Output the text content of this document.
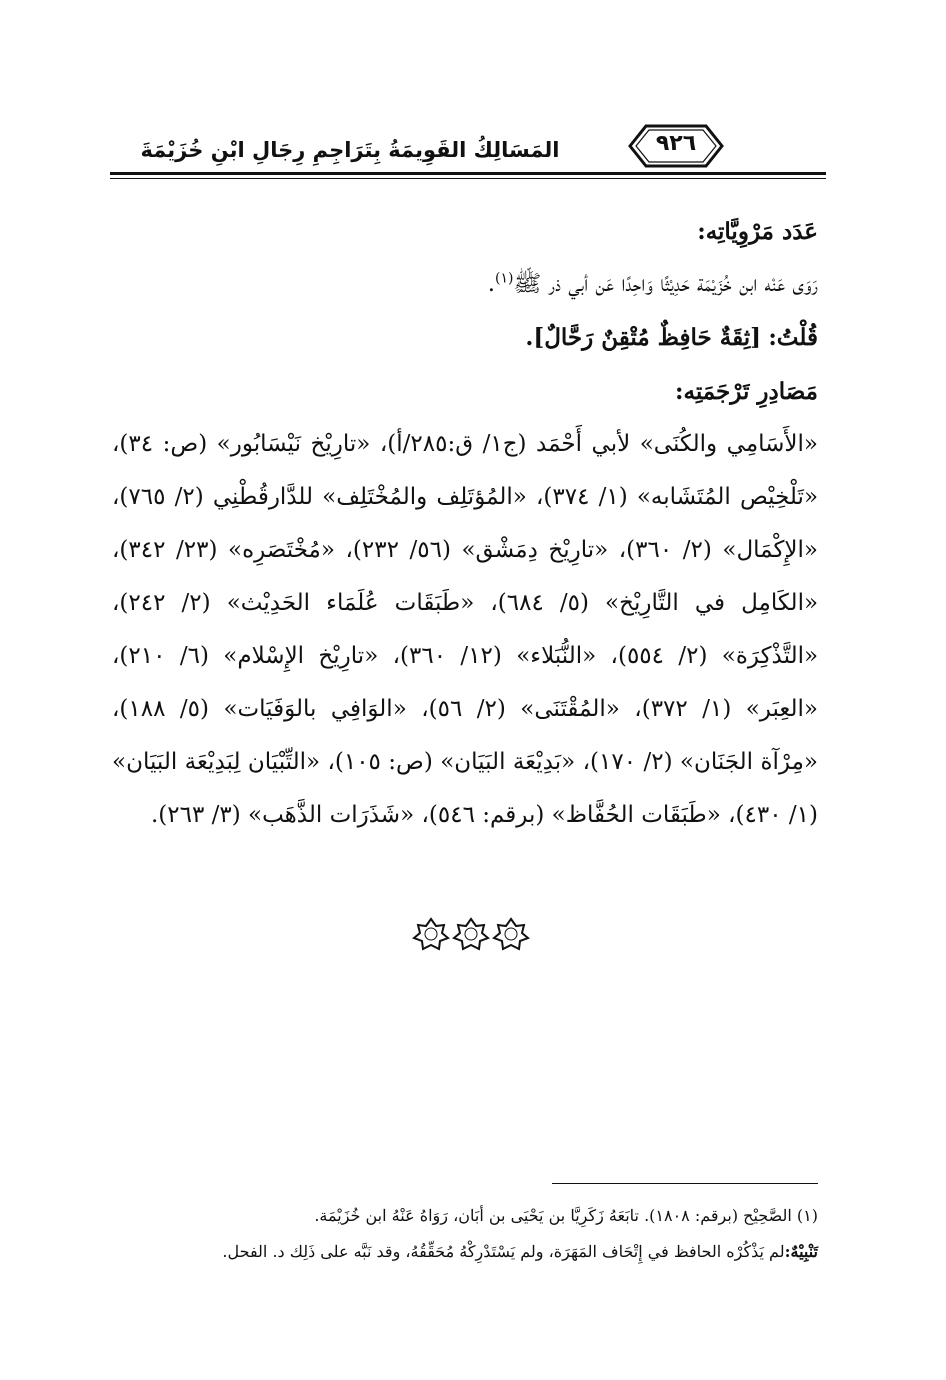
المَسَالِكُ القَوِيمَةُ بِتَرَاجِمِ رِجَالِ ابْنِ خُزَيْمَةَ	٩٢٦
عَدَد مَرْوِيَّاتِه:
رَوَى عَنْه ابن خُزَيْمَة حَدِيْثًا وَاحِدًا عَن أبي ذر ﷺ$^{(١)}$.
قُلْتُ: [ثِقَةٌ حَافِظٌ مُتْقِنٌ رَحَّالٌ].
مَصَادِرِ تَرْجَمَتِه:
«الأَسَامِي والكُنَى» لأبي أَحْمَد (ج١/ ق:٢٨٥/أ)، «تارِيْخ نَيْسَابُور» (ص: ٣٤)، «تَلْخِيْص المُتَشَابه» (١/ ٣٧٤)، «المُؤتَلِف والمُخْتَلِف» للدَّارقُطْنِي (٢/ ٧٦٥)، «الإِكْمَال» (٢/ ٣٦٠)، «تارِيْخ دِمَشْق» (٥٦/ ٢٣٢)، «مُخْتَصَرِه» (٢٣/ ٣٤٢)، «الكَامِل في التَّارِيْخ» (٥/ ٦٨٤)، «طَبَقَات عُلَمَاء الحَدِيْث» (٢/ ٢٤٢)، «التَّذْكِرَة» (٢/ ٥٥٤)، «النُّبَلاء» (١٢/ ٣٦٠)، «تارِيْخ الإِسْلام» (٦/ ٢١٠)، «العِبَر» (١/ ٣٧٢)، «المُقْتَنَى» (٢/ ٥٦)، «الوَافِي بالوَفَيَات» (٥/ ١٨٨)، «مِرْآة الجَنَان» (٢/ ١٧٠)، «بَدِيْعَة البَيَان» (ص: ١٠٥)، «التِّبْيَان لِبَدِيْعَة البَيَان» (١/ ٤٣٠)، «طَبَقَات الحُفَّاظ» (برقم: ٥٤٦)، «شَذَرَات الذَّهَب» (٣/ ٢٦٣).
(١) الصَّحِيْح (برقم: ١٨٠٨). تابَعَهُ زَكَرِيَّا بن يَحْيَى بن أبَان، رَوَاهُ عَنْهُ ابن خُزَيْمَة.
تَنْبِيْهٌ:لم يَذْكُرْه الحافظ في إِتْحَاف المَهَرَة، ولم يَسْتَدْرِكْهُ مُحَقِّقُهُ، وقد نَبَّه على ذَلِك د. الفحل.
